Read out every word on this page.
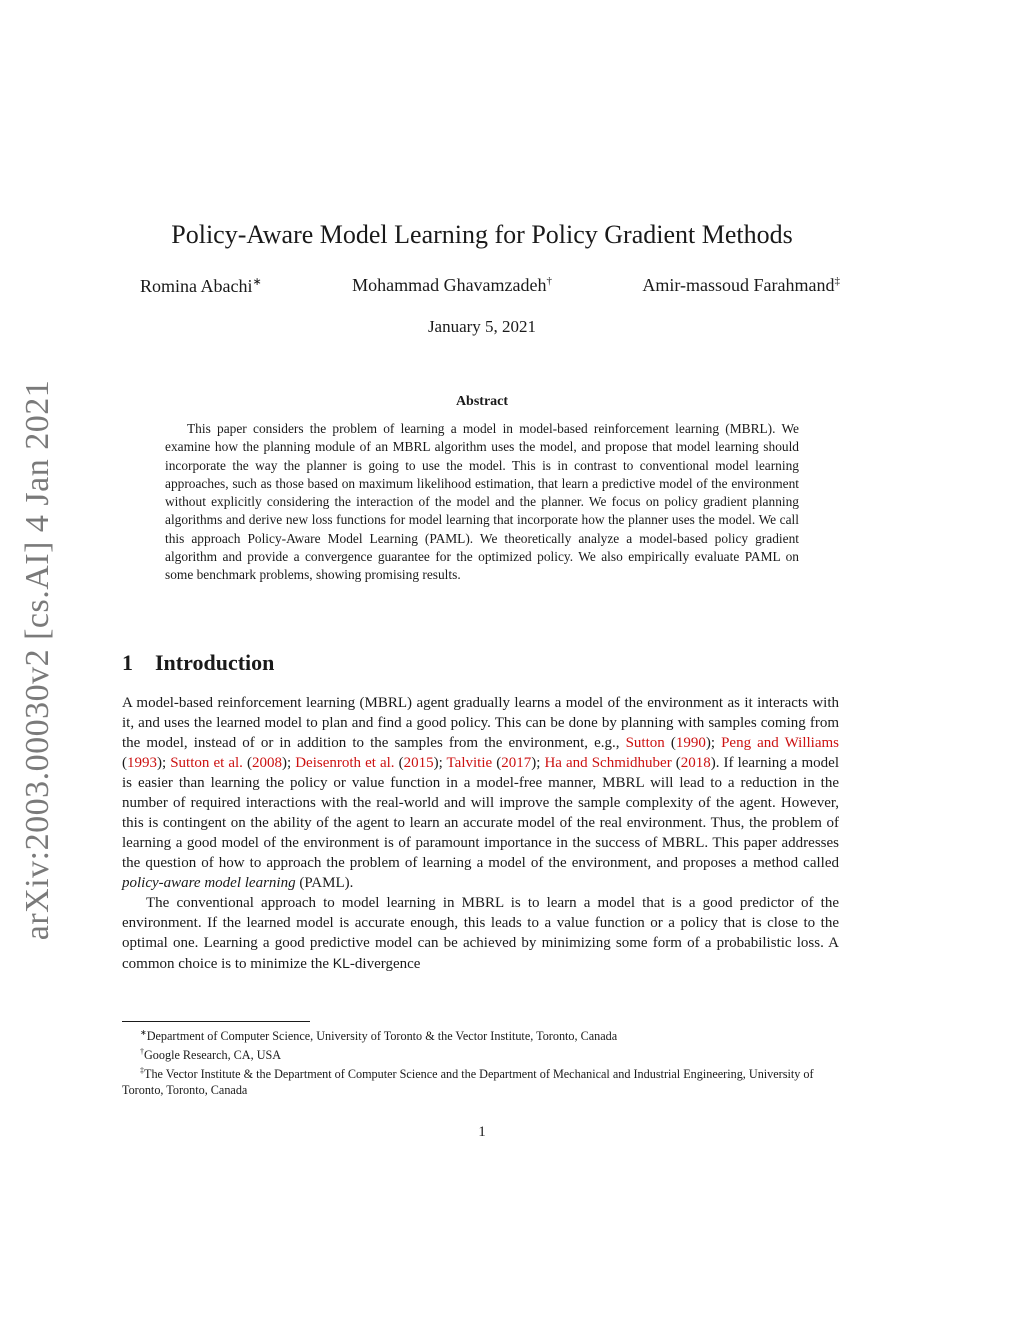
arXiv:2003.00030v2 [cs.AI] 4 Jan 2021
Policy-Aware Model Learning for Policy Gradient Methods
Romina Abachi∗	Mohammad Ghavamzadeh†	Amir-massoud Farahmand‡
January 5, 2021
Abstract
This paper considers the problem of learning a model in model-based reinforcement learning (MBRL). We examine how the planning module of an MBRL algorithm uses the model, and propose that model learning should incorporate the way the planner is going to use the model. This is in contrast to conventional model learning approaches, such as those based on maximum likelihood estimation, that learn a predictive model of the environment without explicitly considering the interaction of the model and the planner. We focus on policy gradient planning algorithms and derive new loss functions for model learning that incorporate how the planner uses the model. We call this approach Policy-Aware Model Learning (PAML). We theoretically analyze a model-based policy gradient algorithm and provide a convergence guarantee for the optimized policy. We also empirically evaluate PAML on some benchmark problems, showing promising results.
1 Introduction

A model-based reinforcement learning (MBRL) agent gradually learns a model of the environment as it interacts with it, and uses the learned model to plan and find a good policy. This can be done by planning with samples coming from the model, instead of or in addition to the samples from the environment, e.g., Sutton (1990); Peng and Williams (1993); Sutton et al. (2008); Deisenroth et al. (2015); Talvitie (2017); Ha and Schmidhuber (2018). If learning a model is easier than learning the policy or value function in a model-free manner, MBRL will lead to a reduction in the number of required interactions with the real-world and will improve the sample complexity of the agent. However, this is contingent on the ability of the agent to learn an accurate model of the real environment. Thus, the problem of learning a good model of the environment is of paramount importance in the success of MBRL. This paper addresses the question of how to approach the problem of learning a model of the environment, and proposes a method called policy-aware model learning (PAML).

The conventional approach to model learning in MBRL is to learn a model that is a good predictor of the environment. If the learned model is accurate enough, this leads to a value function or a policy that is close to the optimal one. Learning a good predictive model can be achieved by minimizing some form of a probabilistic loss. A common choice is to minimize the KL-divergence

∗Department of Computer Science, University of Toronto & the Vector Institute, Toronto, Canada

†Google Research, CA, USA

‡The Vector Institute & the Department of Computer Science and the Department of Mechanical and Industrial Engineering, University of Toronto, Toronto, Canada

1
